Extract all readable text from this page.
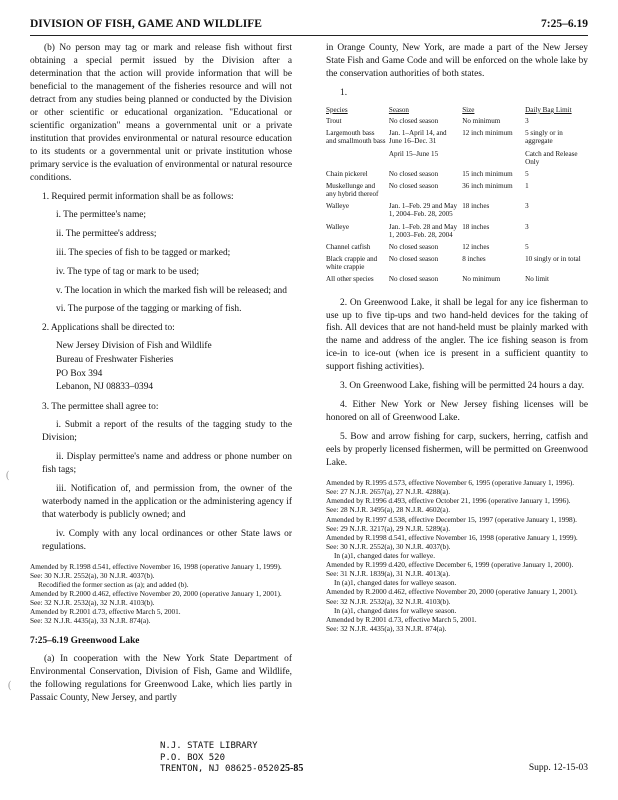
DIVISION OF FISH, GAME AND WILDLIFE	7:25–6.19

(b) No person may tag or mark and release fish without first obtaining a special permit issued by the Division after a determination that the action will provide information that will be beneficial to the management of the fisheries resource and will not detract from any studies being planned or conducted by the Division or other scientific or educational organization. "Educational or scientific organization" means a governmental unit or a private institution that provides environmental or natural resource education to its students or a governmental unit or private institution whose primary service is the evaluation of environmental or natural resource conditions.

1. Required permit information shall be as follows:

i. The permittee's name;

ii. The permittee's address;

iii. The species of fish to be tagged or marked;

iv. The type of tag or mark to be used;

v. The location in which the marked fish will be released; and

vi. The purpose of the tagging or marking of fish.

2. Applications shall be directed to:

New Jersey Division of Fish and Wildlife
Bureau of Freshwater Fisheries
PO Box 394
Lebanon, NJ 08833–0394

3. The permittee shall agree to:

i. Submit a report of the results of the tagging study to the Division;

ii. Display permittee's name and address or phone number on fish tags;

iii. Notification of, and permission from, the owner of the waterbody named in the application or the administering agency if that waterbody is publicly owned; and

iv. Comply with any local ordinances or other State laws or regulations.

Amended by R.1998 d.541, effective November 16, 1998 (operative January 1, 1999).
See: 30 N.J.R. 2552(a), 30 N.J.R. 4037(b).
Recodified the former section as (a); and added (b).
Amended by R.2000 d.462, effective November 20, 2000 (operative January 1, 2001).
See: 32 N.J.R. 2532(a), 32 N.J.R. 4103(b).
Amended by R.2001 d.73, effective March 5, 2001.
See: 32 N.J.R. 4435(a), 33 N.J.R. 874(a).
7:25–6.19 Greenwood Lake

(a) In cooperation with the New York State Department of Environmental Conservation, Division of Fish, Game and Wildlife, the following regulations for Greenwood Lake, which lies partly in Passaic County, New Jersey, and partly

in Orange County, New York, are made a part of the New Jersey State Fish and Game Code and will be enforced on the whole lake by the conservation authorities of both states.

1.

Species	Season	Size	Daily Bag Limit
Trout	No closed season	No minimum	3
Largemouth bass and smallmouth bass	Jan. 1–April 14, and June 16–Dec. 31	12 inch minimum	5 singly or in aggregate
	April 15–June 15		Catch and Release Only
Chain pickerel	No closed season	15 inch minimum	5
Muskellunge and any hybrid thereof	No closed season	36 inch minimum	1
Walleye	Jan. 1–Feb. 29 and May 1, 2004–Feb. 28, 2005	18 inches	3
Walleye	Jan. 1–Feb. 28 and May 1, 2003–Feb. 28, 2004	18 inches	3
Channel catfish	No closed season	12 inches	5
Black crappie and white crappie	No closed season	8 inches	10 singly or in total
All other species	No closed season	No minimum	No limit

2. On Greenwood Lake, it shall be legal for any ice fisherman to use up to five tip-ups and two hand-held devices for the taking of fish. All devices that are not hand-held must be plainly marked with the name and address of the angler. The ice fishing season is from ice-in to ice-out (when ice is present in a sufficient quantity to support fishing activities).

3. On Greenwood Lake, fishing will be permitted 24 hours a day.

4. Either New York or New Jersey fishing licenses will be honored on all of Greenwood Lake.

5. Bow and arrow fishing for carp, suckers, herring, catfish and eels by properly licensed fishermen, will be permitted on Greenwood Lake.

Amended by R.1995 d.573, effective November 6, 1995 (operative January 1, 1996).
See: 27 N.J.R. 2657(a), 27 N.J.R. 4288(a).
Amended by R.1996 d.493, effective October 21, 1996 (operative January 1, 1996).
See: 28 N.J.R. 3495(a), 28 N.J.R. 4602(a).
Amended by R.1997 d.538, effective December 15, 1997 (operative January 1, 1998).
See: 29 N.J.R. 3217(a), 29 N.J.R. 5289(a).
Amended by R.1998 d.541, effective November 16, 1998 (operative January 1, 1999).
See: 30 N.J.R. 2552(a), 30 N.J.R. 4037(b).
In (a)1, changed dates for walleye.
Amended by R.1999 d.420, effective December 6, 1999 (operative January 1, 2000).
See: 31 N.J.R. 1839(a), 31 N.J.R. 4013(a).
In (a)1, changed dates for walleye season.
Amended by R.2000 d.462, effective November 20, 2000 (operative January 1, 2001).
See: 32 N.J.R. 2532(a), 32 N.J.R. 4103(b).
In (a)1, changed dates for walleye season.
Amended by R.2001 d.73, effective March 5, 2001.
See: 32 N.J.R. 4435(a), 33 N.J.R. 874(a).
(
(
N.J. STATE LIBRARY
P.O. BOX 520
TRENTON, NJ 08625-0520 25-85	Supp. 12-15-03
